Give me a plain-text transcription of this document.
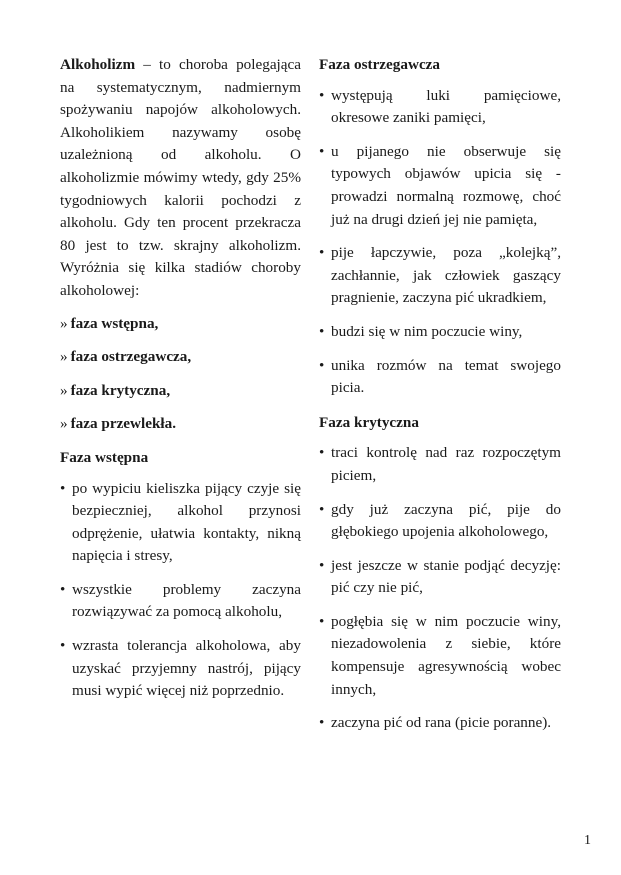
Alkoholizm – to choroba polegająca na systematycznym, nadmiernym spożywaniu napojów alkoholowych. Alkoholikiem nazywamy osobę uzależnioną od alkoholu. O alkoholizmie mówimy wtedy, gdy 25% tygodniowych kalorii pochodzi z alkoholu. Gdy ten procent przekracza 80 jest to tzw. skrajny alkoholizm. Wyróżnia się kilka stadiów choroby alkoholowej:

» faza wstępna,
» faza ostrzegawcza,
» faza krytyczna,
» faza przewlekła.
Faza wstępna
• po wypiciu kieliszka pijący czyje się bezpieczniej, alkohol przynosi odprężenie, ułatwia kontakty, nikną napięcia i stresy,
• wszystkie problemy zaczyna rozwiązywać za pomocą alkoholu,
• wzrasta tolerancja alkoholowa, aby uzyskać przyjemny nastrój, pijący musi wypić więcej niż poprzednio.
Faza ostrzegawcza
• występują luki pamięciowe, okresowe zaniki pamięci,
• u pijanego nie obserwuje się typowych objawów upicia się - prowadzi normalną rozmowę, choć już na drugi dzień jej nie pamięta,
• pije łapczywie, poza „kolejką”, zachłannie, jak człowiek gaszący pragnienie, zaczyna pić ukradkiem,
• budzi się w nim poczucie winy,
• unika rozmów na temat swojego picia.
Faza krytyczna
• traci kontrolę nad raz rozpoczętym piciem,
• gdy już zaczyna pić, pije do głębokiego upojenia alkoholowego,
• jest jeszcze w stanie podjąć decyzję: pić czy nie pić,
• pogłębia się w nim poczucie winy, niezadowolenia z siebie, które kompensuje agresywnością wobec innych,
• zaczyna pić od rana (picie poranne).
1
